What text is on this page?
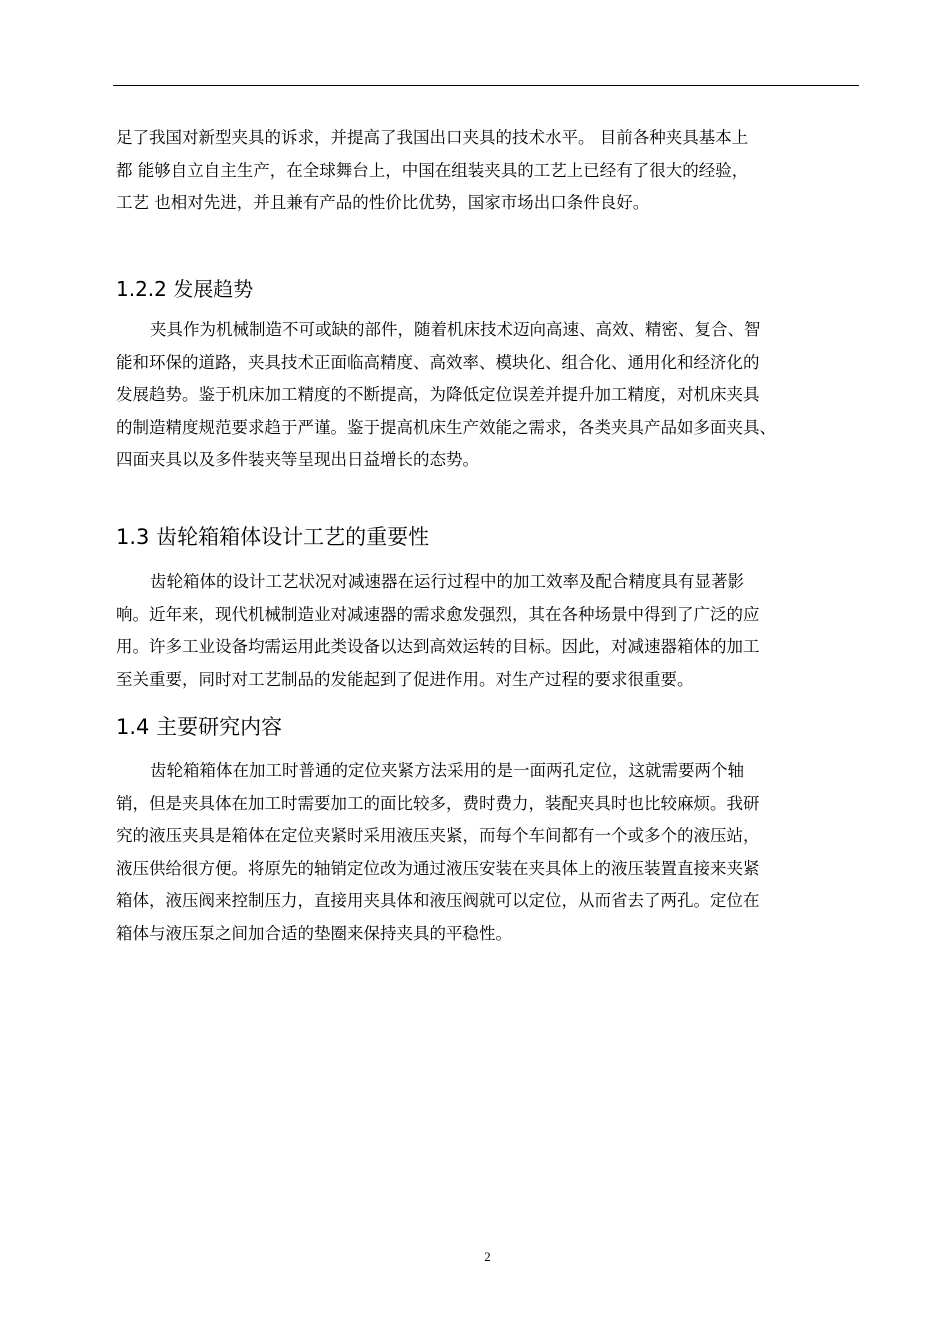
足了我国对新型夹具的诉求，并提高了我国出口夹具的技术水平。 目前各种夹具基本上
都 能够自立自主生产，在全球舞台上，中国在组装夹具的工艺上已经有了很大的经验，
工艺 也相对先进，并且兼有产品的性价比优势，国家市场出口条件良好。
1.2.2 发展趋势
夹具作为机械制造不可或缺的部件，随着机床技术迈向高速、高效、精密、复合、智
能和环保的道路，夹具技术正面临高精度、高效率、模块化、组合化、通用化和经济化的
发展趋势。鉴于机床加工精度的不断提高，为降低定位误差并提升加工精度，对机床夹具
的制造精度规范要求趋于严谨。鉴于提高机床生产效能之需求，各类夹具产品如多面夹具、
四面夹具以及多件装夹等呈现出日益增长的态势。
1.3 齿轮箱箱体设计工艺的重要性
齿轮箱体的设计工艺状况对减速器在运行过程中的加工效率及配合精度具有显著影
响。近年来，现代机械制造业对减速器的需求愈发强烈，其在各种场景中得到了广泛的应
用。许多工业设备均需运用此类设备以达到高效运转的目标。因此，对减速器箱体的加工
至关重要，同时对工艺制品的发能起到了促进作用。对生产过程的要求很重要。
1.4 主要研究内容
齿轮箱箱体在加工时普通的定位夹紧方法采用的是一面两孔定位，这就需要两个轴
销，但是夹具体在加工时需要加工的面比较多，费时费力，装配夹具时也比较麻烦。我研
究的液压夹具是箱体在定位夹紧时采用液压夹紧，而每个车间都有一个或多个的液压站，
液压供给很方便。将原先的轴销定位改为通过液压安装在夹具体上的液压装置直接来夹紧
箱体，液压阀来控制压力，直接用夹具体和液压阀就可以定位，从而省去了两孔。定位在
箱体与液压泵之间加合适的垫圈来保持夹具的平稳性。
2
